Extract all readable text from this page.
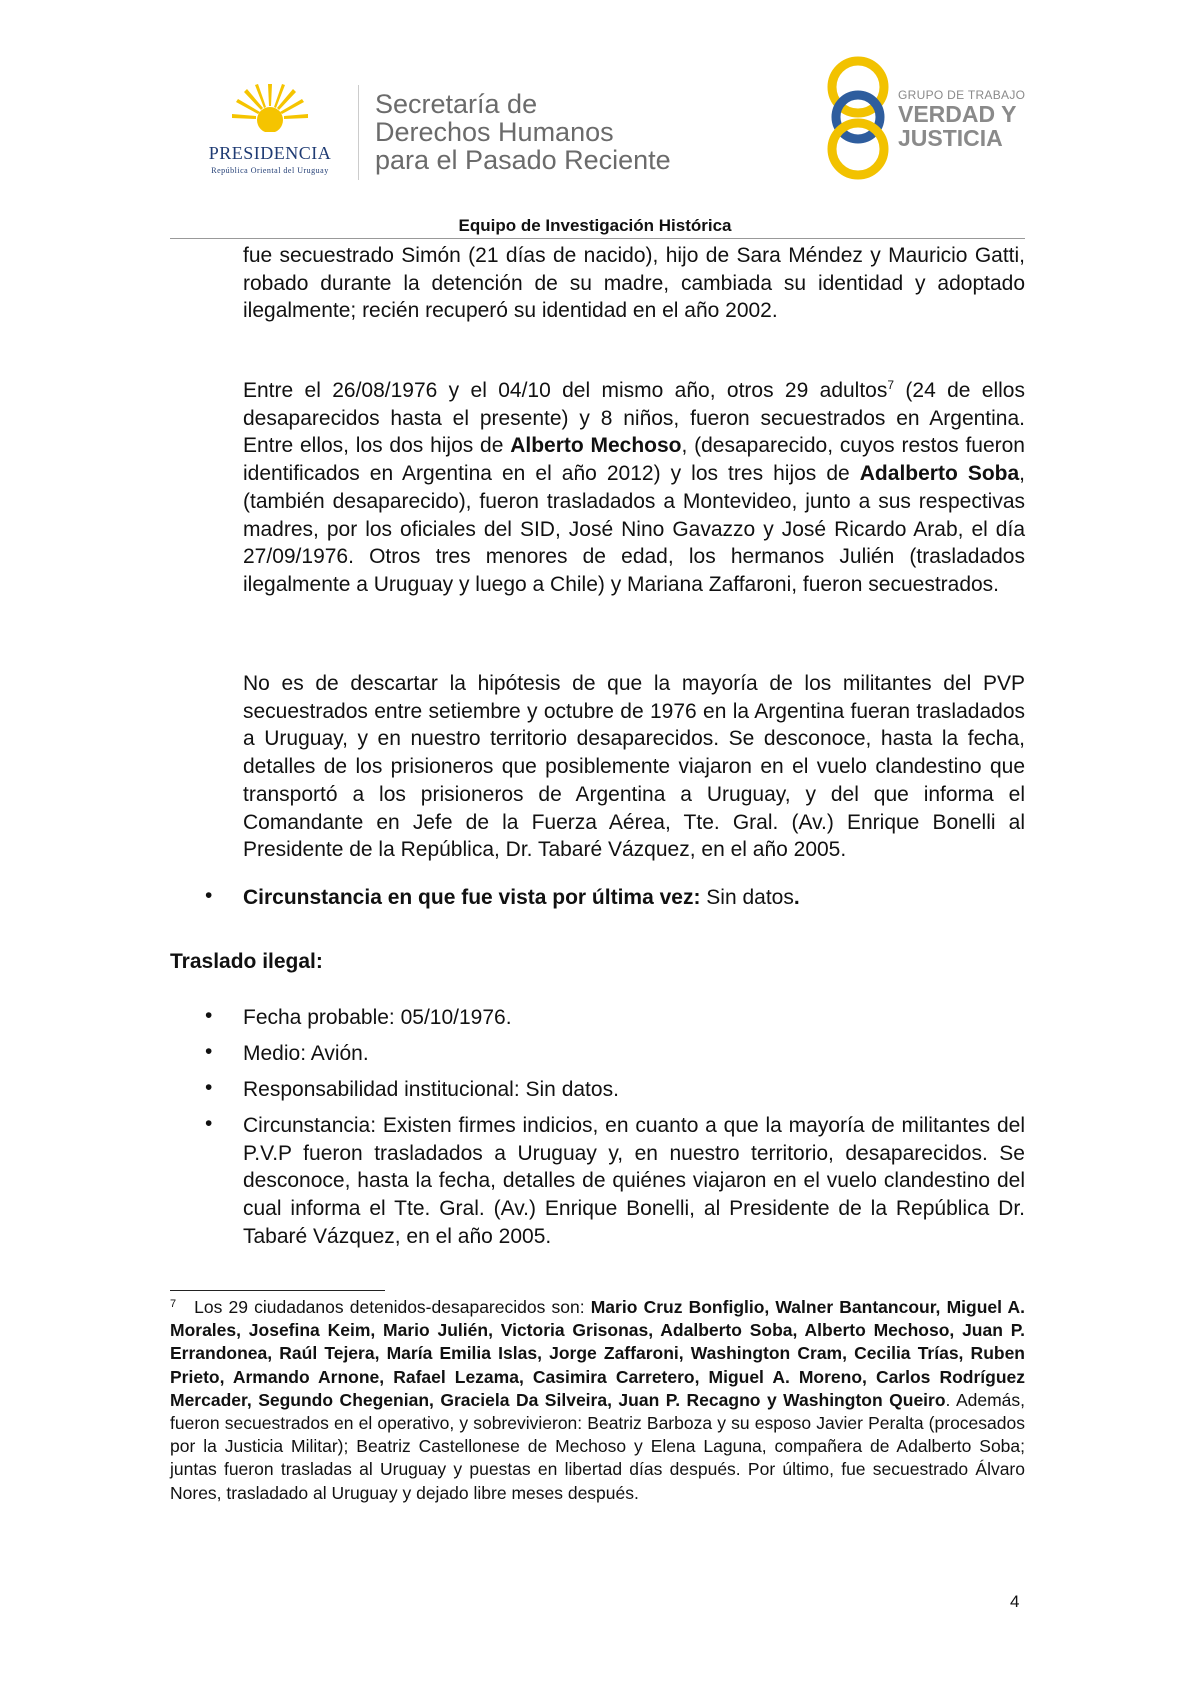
PRESIDENCIA
República Oriental del Uruguay
Secretaría de
Derechos Humanos
para el Pasado Reciente
GRUPO DE TRABAJO
VERDAD Y
JUSTICIA
Equipo de Investigación Histórica
fue secuestrado Simón (21 días de nacido), hijo de Sara Méndez y Mauricio Gatti, robado durante la detención de su madre, cambiada su identidad y adoptado ilegalmente; recién recuperó su identidad en el año 2002.
Entre el 26/08/1976 y el 04/10 del mismo año, otros 29 adultos$^7$ (24 de ellos desaparecidos hasta el presente) y 8 niños, fueron secuestrados en Argentina. Entre ellos, los dos hijos de Alberto Mechoso, (desaparecido, cuyos restos fueron identificados en Argentina en el año 2012) y los tres hijos de Adalberto Soba, (también desaparecido), fueron trasladados a Montevideo, junto a sus respectivas madres, por los oficiales del SID, José Nino Gavazzo y José Ricardo Arab, el día 27/09/1976. Otros tres menores de edad, los hermanos Julién (trasladados ilegalmente a Uruguay y luego a Chile) y Mariana Zaffaroni, fueron secuestrados.
No es de descartar la hipótesis de que la mayoría de los militantes del PVP secuestrados entre setiembre y octubre de 1976 en la Argentina fueran trasladados a Uruguay, y en nuestro territorio desaparecidos. Se desconoce, hasta la fecha, detalles de los prisioneros que posiblemente viajaron en el vuelo clandestino que transportó a los prisioneros de Argentina a Uruguay, y del que informa el Comandante en Jefe de la Fuerza Aérea, Tte. Gral. (Av.) Enrique Bonelli al Presidente de la República, Dr. Tabaré Vázquez, en el año 2005.
• Circunstancia en que fue vista por última vez: Sin datos.
Traslado ilegal:
• Fecha probable: 05/10/1976.
• Medio: Avión.
• Responsabilidad institucional: Sin datos.
• Circunstancia: Existen firmes indicios, en cuanto a que la mayoría de militantes del P.V.P fueron trasladados a Uruguay y, en nuestro territorio, desaparecidos. Se desconoce, hasta la fecha, detalles de quiénes viajaron en el vuelo clandestino del cual informa el Tte. Gral. (Av.) Enrique Bonelli, al Presidente de la República Dr. Tabaré Vázquez, en el año 2005.
$^7$ Los 29 ciudadanos detenidos-desaparecidos son: Mario Cruz Bonfiglio, Walner Bantancour, Miguel A. Morales, Josefina Keim, Mario Julién, Victoria Grisonas, Adalberto Soba, Alberto Mechoso, Juan P. Errandonea, Raúl Tejera, María Emilia Islas, Jorge Zaffaroni, Washington Cram, Cecilia Trías, Ruben Prieto, Armando Arnone, Rafael Lezama, Casimira Carretero, Miguel A. Moreno, Carlos Rodríguez Mercader, Segundo Chegenian, Graciela Da Silveira, Juan P. Recagno y Washington Queiro. Además, fueron secuestrados en el operativo, y sobrevivieron: Beatriz Barboza y su esposo Javier Peralta (procesados por la Justicia Militar); Beatriz Castellonese de Mechoso y Elena Laguna, compañera de Adalberto Soba; juntas fueron trasladas al Uruguay y puestas en libertad días después. Por último, fue secuestrado Álvaro Nores, trasladado al Uruguay y dejado libre meses después.
4
